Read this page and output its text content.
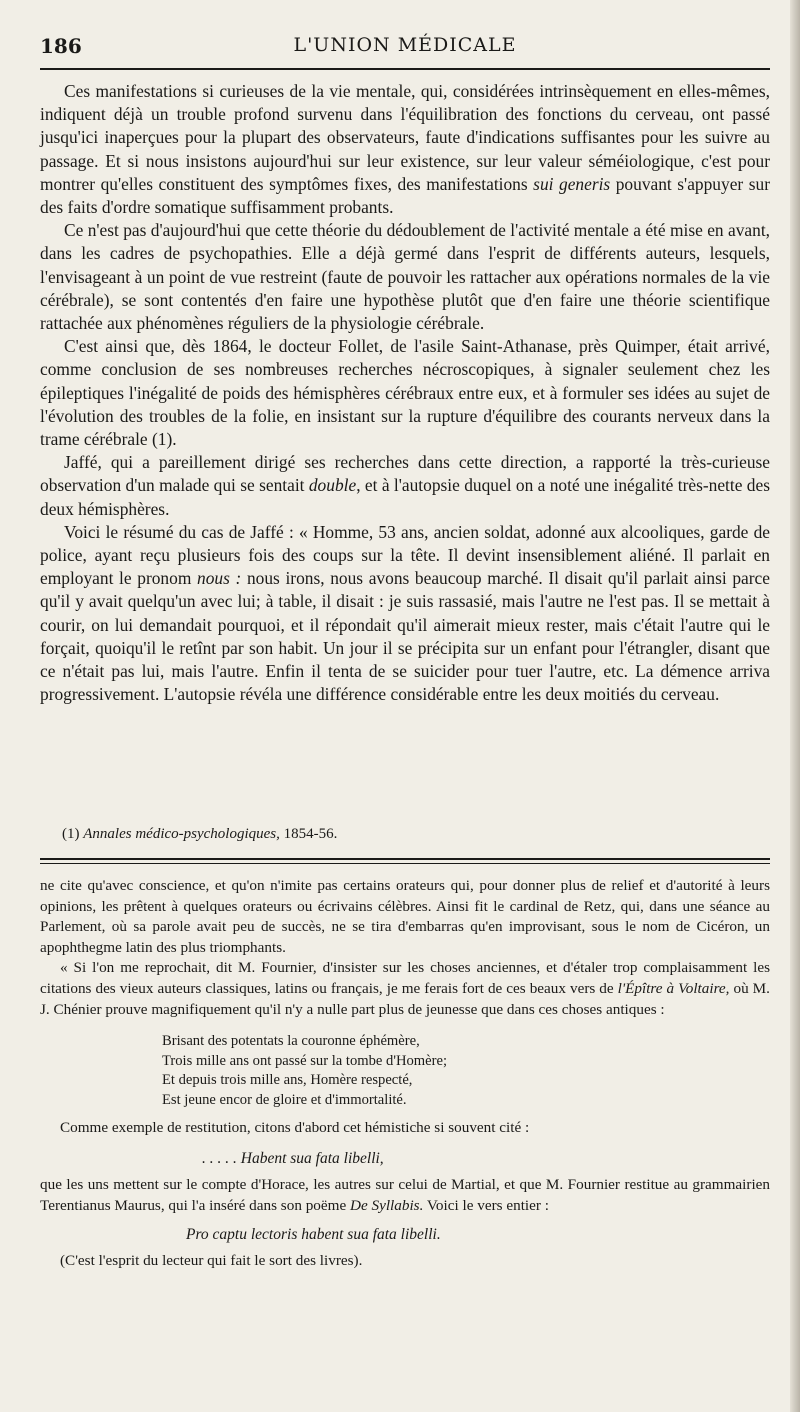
186	L'UNION MÉDICALE

Ces manifestations si curieuses de la vie mentale, qui, considérées intrinsèquement en elles-mêmes, indiquent déjà un trouble profond survenu dans l'équilibration des fonctions du cerveau, ont passé jusqu'ici inaperçues pour la plupart des observateurs, faute d'indications suffisantes pour les suivre au passage. Et si nous insistons aujourd'hui sur leur existence, sur leur valeur séméiologique, c'est pour montrer qu'elles constituent des symptômes fixes, des manifestations sui generis pouvant s'appuyer sur des faits d'ordre somatique suffisamment probants.

Ce n'est pas d'aujourd'hui que cette théorie du dédoublement de l'activité mentale a été mise en avant, dans les cadres de psychopathies. Elle a déjà germé dans l'esprit de différents auteurs, lesquels, l'envisageant à un point de vue restreint (faute de pouvoir les rattacher aux opérations normales de la vie cérébrale), se sont contentés d'en faire une hypothèse plutôt que d'en faire une théorie scientifique rattachée aux phénomènes réguliers de la physiologie cérébrale.

C'est ainsi que, dès 1864, le docteur Follet, de l'asile Saint-Athanase, près Quimper, était arrivé, comme conclusion de ses nombreuses recherches nécroscopiques, à signaler seulement chez les épileptiques l'inégalité de poids des hémisphères cérébraux entre eux, et à formuler ses idées au sujet de l'évolution des troubles de la folie, en insistant sur la rupture d'équilibre des courants nerveux dans la trame cérébrale (1).

Jaffé, qui a pareillement dirigé ses recherches dans cette direction, a rapporté la très-curieuse observation d'un malade qui se sentait double, et à l'autopsie duquel on a noté une inégalité très-nette des deux hémisphères.

Voici le résumé du cas de Jaffé : « Homme, 53 ans, ancien soldat, adonné aux alcooliques, garde de police, ayant reçu plusieurs fois des coups sur la tête. Il devint insensiblement aliéné. Il parlait en employant le pronom nous : nous irons, nous avons beaucoup marché. Il disait qu'il parlait ainsi parce qu'il y avait quelqu'un avec lui; à table, il disait : je suis rassasié, mais l'autre ne l'est pas. Il se mettait à courir, on lui demandait pourquoi, et il répondait qu'il aimerait mieux rester, mais c'était l'autre qui le forçait, quoiqu'il le retînt par son habit. Un jour il se précipita sur un enfant pour l'étrangler, disant que ce n'était pas lui, mais l'autre. Enfin il tenta de se suicider pour tuer l'autre, etc. La démence arriva progressivement. L'autopsie révéla une différence considérable entre les deux moitiés du cerveau.

(1) Annales médico-psychologiques, 1854-56.

ne cite qu'avec conscience, et qu'on n'imite pas certains orateurs qui, pour donner plus de relief et d'autorité à leurs opinions, les prêtent à quelques orateurs ou écrivains célèbres. Ainsi fit le cardinal de Retz, qui, dans une séance au Parlement, où sa parole avait peu de succès, ne se tira d'embarras qu'en improvisant, sous le nom de Cicéron, un apophthegme latin des plus triomphants.

« Si l'on me reprochait, dit M. Fournier, d'insister sur les choses anciennes, et d'étaler trop complaisamment les citations des vieux auteurs classiques, latins ou français, je me ferais fort de ces beaux vers de l'Épître à Voltaire, où M. J. Chénier prouve magnifiquement qu'il n'y a nulle part plus de jeunesse que dans ces choses antiques :

Brisant des potentats la couronne éphémère,
Trois mille ans ont passé sur la tombe d'Homère;
Et depuis trois mille ans, Homère respecté,
Est jeune encor de gloire et d'immortalité.

Comme exemple de restitution, citons d'abord cet hémistiche si souvent cité :

. . . . . Habent sua fata libelli,

que les uns mettent sur le compte d'Horace, les autres sur celui de Martial, et que M. Fournier restitue au grammairien Terentianus Maurus, qui l'a inséré dans son poëme De Syllabis. Voici le vers entier :

Pro captu lectoris habent sua fata libelli.

(C'est l'esprit du lecteur qui fait le sort des livres).
